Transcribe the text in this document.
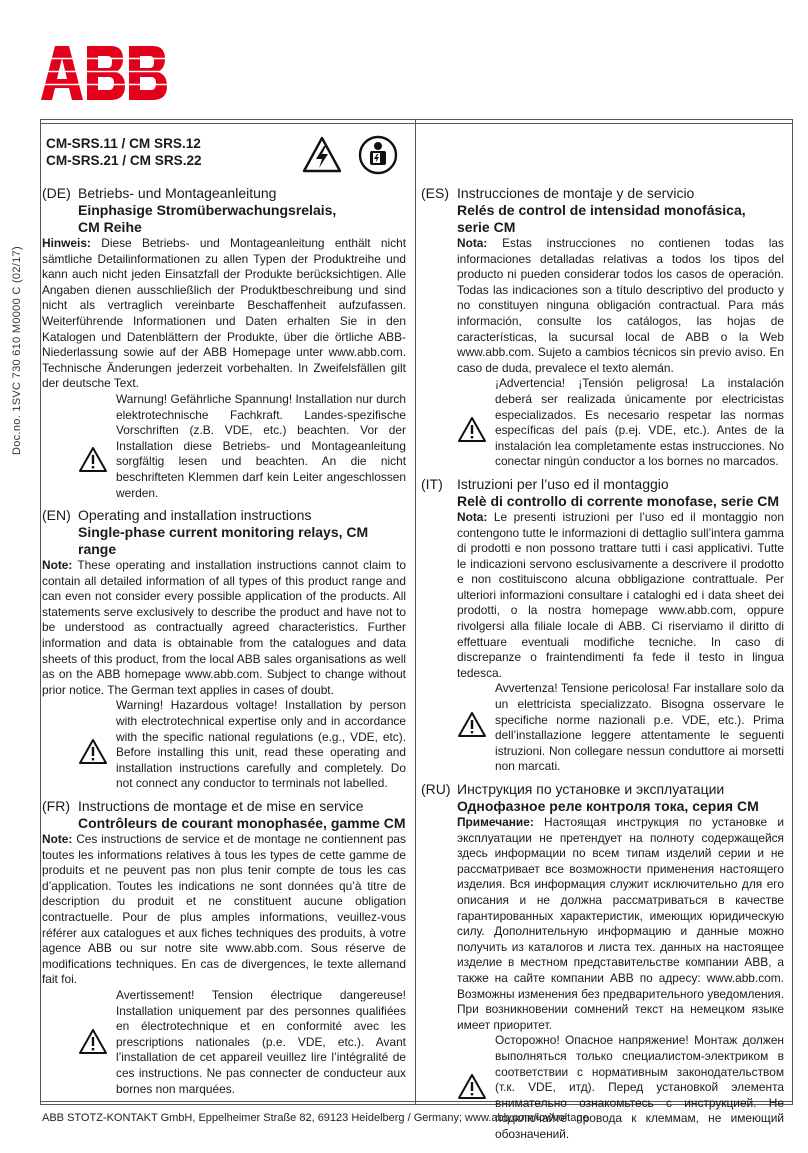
Doc.no. 1SVC 730 610 M0000 C (02/17)
CM-SRS.11 / CM SRS.12
CM-SRS.21 / CM SRS.22
(DE) Betriebs- und Montageanleitung
Einphasige Stromüberwachungsrelais,
CM Reihe
Hinweis: Diese Betriebs- und Montageanleitung enthält nicht sämtliche Detailinformationen zu allen Typen der Produktreihe und kann auch nicht jeden Einsatzfall der Produkte berücksichtigen. Alle Angaben dienen ausschließlich der Produktbeschreibung und sind nicht als vertraglich vereinbarte Beschaffenheit aufzufassen. Weiterführende Informationen und Daten erhalten Sie in den Katalogen und Datenblättern der Produkte, über die örtliche ABB-Niederlassung sowie auf der ABB Homepage unter www.abb.com. Technische Änderungen jederzeit vorbehalten. In Zweifelsfällen gilt der deutsche Text.
Warnung! Gefährliche Spannung! Installation nur durch elektrotechnische Fachkraft. Landes-spezifische Vorschriften (z.B. VDE, etc.) beachten. Vor der Installation diese Betriebs- und Montageanleitung sorgfältig lesen und beachten. An die nicht beschrifteten Klemmen darf kein Leiter angeschlossen werden.
(EN) Operating and installation instructions
Single-phase current monitoring relays, CM range
Note: These operating and installation instructions cannot claim to contain all detailed information of all types of this product range and can even not consider every possible application of the products. All statements serve exclusively to describe the product and have not to be understood as contractually agreed characteristics. Further information and data is obtainable from the catalogues and data sheets of this product, from the local ABB sales organisations as well as on the ABB homepage www.abb.com. Subject to change without prior notice. The German text applies in cases of doubt.
Warning! Hazardous voltage! Installation by person with electrotechnical expertise only and in accordance with the specific national regulations (e.g., VDE, etc). Before installing this unit, read these operating and installation instructions carefully and completely. Do not connect any conductor to terminals not labelled.
(FR) Instructions de montage et de mise en service
Contrôleurs de courant monophasée, gamme CM
Note: Ces instructions de service et de montage ne contiennent pas toutes les informations relatives à tous les types de cette gamme de produits et ne peuvent pas non plus tenir compte de tous les cas d’application. Toutes les indications ne sont données qu’à titre de description du produit et ne constituent aucune obligation contractuelle. Pour de plus amples informations, veuillez-vous référer aux catalogues et aux fiches techniques des produits, à votre agence ABB ou sur notre site www.abb.com. Sous réserve de modifications techniques. En cas de divergences, le texte allemand fait foi.
Avertissement! Tension électrique dangereuse! Installation uniquement par des personnes qualifiées en électrotechnique et en conformité avec les prescriptions nationales (p.e. VDE, etc.). Avant l’installation de cet appareil veuillez lire l’intégralité de ces instructions. Ne pas connecter de conducteur aux bornes non marquées.
(ES) Instrucciones de montaje y de servicio
Relés de control de intensidad monofásica,
serie CM
Nota: Estas instrucciones no contienen todas las informaciones detalladas relativas a todos los tipos del producto ni pueden considerar todos los casos de operación. Todas las indicaciones son a título descriptivo del producto y no constituyen ninguna obligación contractual. Para más información, consulte los catálogos, las hojas de características, la sucursal local de ABB o la Web www.abb.com. Sujeto a cambios técnicos sin previo aviso. En caso de duda, prevalece el texto alemán.
¡Advertencia! ¡Tensión peligrosa! La instalación deberá ser realizada únicamente por electricistas especializados. Es necesario respetar las normas específicas del país (p.ej. VDE, etc.). Antes de la instalación lea completamente estas instrucciones. No conectar ningún conductor a los bornes no marcados.
(IT)	Istruzioni per l’uso ed il montaggio
Relè di controllo di corrente monofase, serie CM
Nota: Le presenti istruzioni per l’uso ed il montaggio non contengono tutte le informazioni di dettaglio sull’intera gamma di prodotti e non possono trattare tutti i casi applicativi. Tutte le indicazioni servono esclusivamente a descrivere il prodotto e non costituiscono alcuna obbligazione contrattuale. Per ulteriori informazioni consultare i cataloghi ed i data sheet dei prodotti, o la nostra homepage www.abb.com, oppure rivolgersi alla filiale locale di ABB. Ci riserviamo il diritto di effettuare eventuali modifiche tecniche. In caso di discrepanze o fraintendimenti fa fede il testo in lingua tedesca.
Avvertenza! Tensione pericolosa! Far installare solo da un elettricista specializzato. Bisogna osservare le specifiche norme nazionali p.e. VDE, etc.). Prima dell’installazione leggere attentamente le seguenti istruzioni. Non collegare nessun conduttore ai morsetti non marcati.
(RU) Инструкция по установке и эксплуатации
Однофазное реле контроля тока, серия CM
Примечание: Настоящая инструкция по установке и эксплуатации не претендует на полноту содержащейся здесь информации по всем типам изделий серии и не рассматривает все возможности применения настоящего изделия. Вся информация служит исключительно для его описания и не должна рассматриваться в качестве гарантированных характеристик, имеющих юридическую силу. Дополнительную информацию и данные можно получить из каталогов и листа тех. данных на настоящее изделие в местном представительстве компании ABB, а также на сайте компании ABB по адресу: www.abb.com. Возможны изменения без предварительного уведомления. При возникновении сомнений текст на немецком языке имеет приоритет.
Осторожно! Опасное напряжение! Монтаж должен выполняться только специалистом-электриком в соответствии с нормативным законодательством (т.к. VDE, итд). Перед установкой элемента внимательно ознакомьтесь с инструкцией. Не подключайте провода к клеммам, не имеющий обозначений.
ABB STOTZ-KONTAKT GmbH, Eppelheimer Straße 82, 69123 Heidelberg / Germany; www.abb.com/lowvoltage
